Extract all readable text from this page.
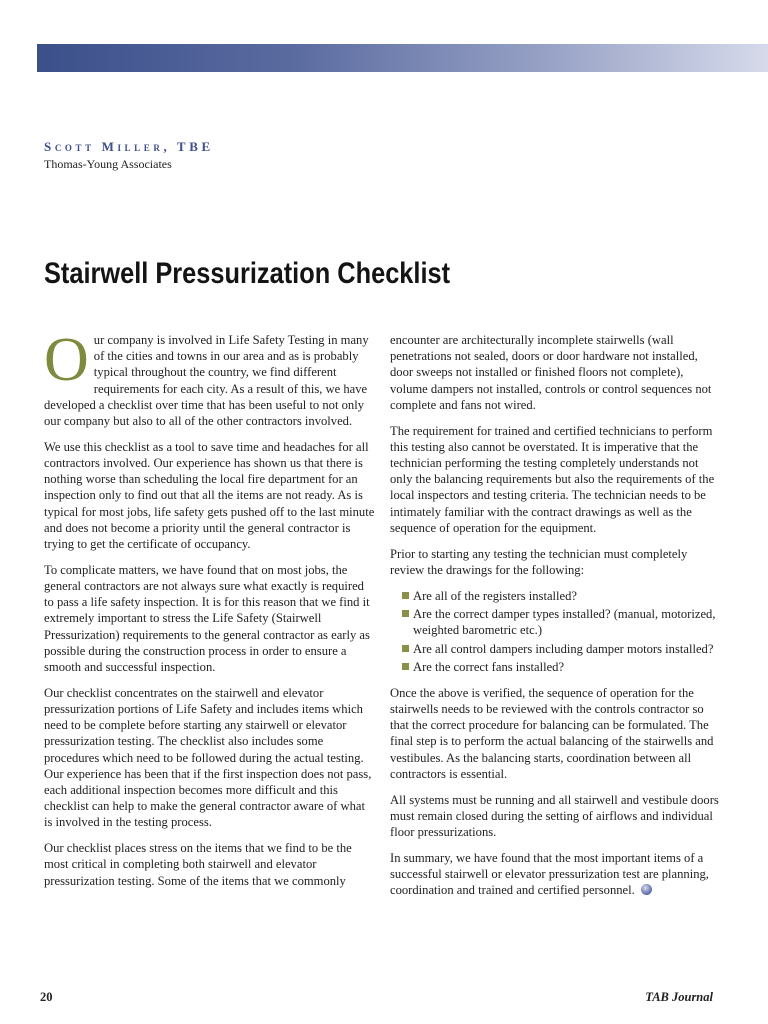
Scott Miller, TBE
Thomas-Young Associates
Stairwell Pressurization Checklist

Our company is involved in Life Safety Testing in many of the cities and towns in our area and as is probably typical throughout the country, we find different requirements for each city. As a result of this, we have developed a checklist over time that has been useful to not only our company but also to all of the other contractors involved.

We use this checklist as a tool to save time and headaches for all contractors involved. Our experience has shown us that there is nothing worse than scheduling the local fire department for an inspection only to find out that all the items are not ready. As is typical for most jobs, life safety gets pushed off to the last minute and does not become a priority until the general contractor is trying to get the certificate of occupancy.

To complicate matters, we have found that on most jobs, the general contractors are not always sure what exactly is required to pass a life safety inspection. It is for this reason that we find it extremely important to stress the Life Safety (Stairwell Pressurization) requirements to the general contractor as early as possible during the construction process in order to ensure a smooth and successful inspection.

Our checklist concentrates on the stairwell and elevator pressurization portions of Life Safety and includes items which need to be complete before starting any stairwell or elevator pressurization testing. The checklist also includes some procedures which need to be followed during the actual testing. Our experience has been that if the first inspection does not pass, each additional inspection becomes more difficult and this checklist can help to make the general contractor aware of what is involved in the testing process.

Our checklist places stress on the items that we find to be the most critical in completing both stairwell and elevator pressurization testing. Some of the items that we commonly

encounter are architecturally incomplete stairwells (wall penetrations not sealed, doors or door hardware not installed, door sweeps not installed or finished floors not complete), volume dampers not installed, controls or control sequences not complete and fans not wired.

The requirement for trained and certified technicians to perform this testing also cannot be overstated. It is imperative that the technician performing the testing completely understands not only the balancing requirements but also the requirements of the local inspectors and testing criteria. The technician needs to be intimately familiar with the contract drawings as well as the sequence of operation for the equipment.

Prior to starting any testing the technician must completely review the drawings for the following:

Are all of the registers installed?
Are the correct damper types installed? (manual, motorized, weighted barometric etc.)
Are all control dampers including damper motors installed?
Are the correct fans installed?

Once the above is verified, the sequence of operation for the stairwells needs to be reviewed with the controls contractor so that the correct procedure for balancing can be formulated. The final step is to perform the actual balancing of the stairwells and vestibules. As the balancing starts, coordination between all contractors is essential.

All systems must be running and all stairwell and vestibule doors must remain closed during the setting of airflows and individual floor pressurizations.

In summary, we have found that the most important items of a successful stairwell or elevator pressurization test are planning, coordination and trained and certified personnel.

20	TAB Journal
